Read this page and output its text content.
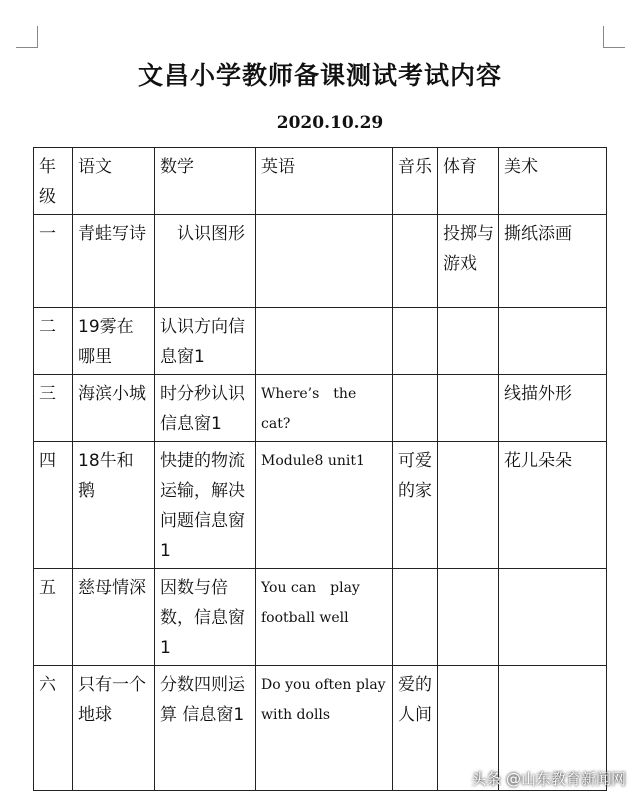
文昌小学教师备课测试考试内容
2020.10.29
年级	语文	数学	英语	音乐	体育	美术
一	青蛙写诗	　认识图形			投掷与游戏	撕纸添画
二	19雾在哪里	认识方向信息窗1				
三	海滨小城	时分秒认识信息窗1	Where’s　the cat?			线描外形
四	18牛和鹅	快捷的物流运输，解决问题信息窗1	Module8 unit1	可爱的家		花儿朵朵
五	慈母情深	因数与倍数，信息窗1	You can　play football well			
六	只有一个地球	分数四则运算 信息窗1	Do you often play　with dolls	爱的人间		
头条 @山东教育新闻网
